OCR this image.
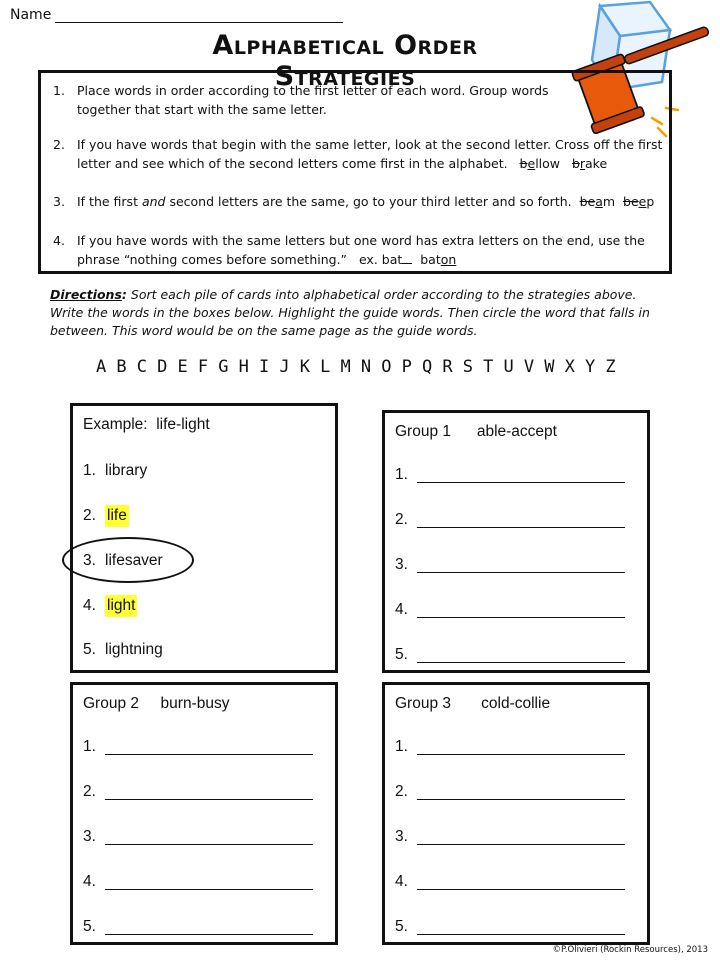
Name
Alphabetical Order Strategies
1. Place words in order according to the first letter of each word. Group words together that start with the same letter.
2. If you have words that begin with the same letter, look at the second letter. Cross off the first letter and see which of the second letters come first in the alphabet. bellow brake
3. If the first and second letters are the same, go to your third letter and so forth. beam beep
4. If you have words with the same letters but one word has extra letters on the end, use the phrase “nothing comes before something.” ex. bat baton
Directions: Sort each pile of cards into alphabetical order according to the strategies above. Write the words in the boxes below. Highlight the guide words. Then circle the word that falls in between. This word would be on the same page as the guide words.
A B C D E F G H I J K L M N O P Q R S T U V W X Y Z
Example:  life-light
1. library
2. life
3. lifesaver
4. light
5. lightning
Group 1      able-accept
1.
2.
3.
4.
5.
Group 2     burn-busy
1.
2.
3.
4.
5.
Group 3       cold-collie
1.
2.
3.
4.
5.
©P.Olivieri (Rockin Resources), 2013
